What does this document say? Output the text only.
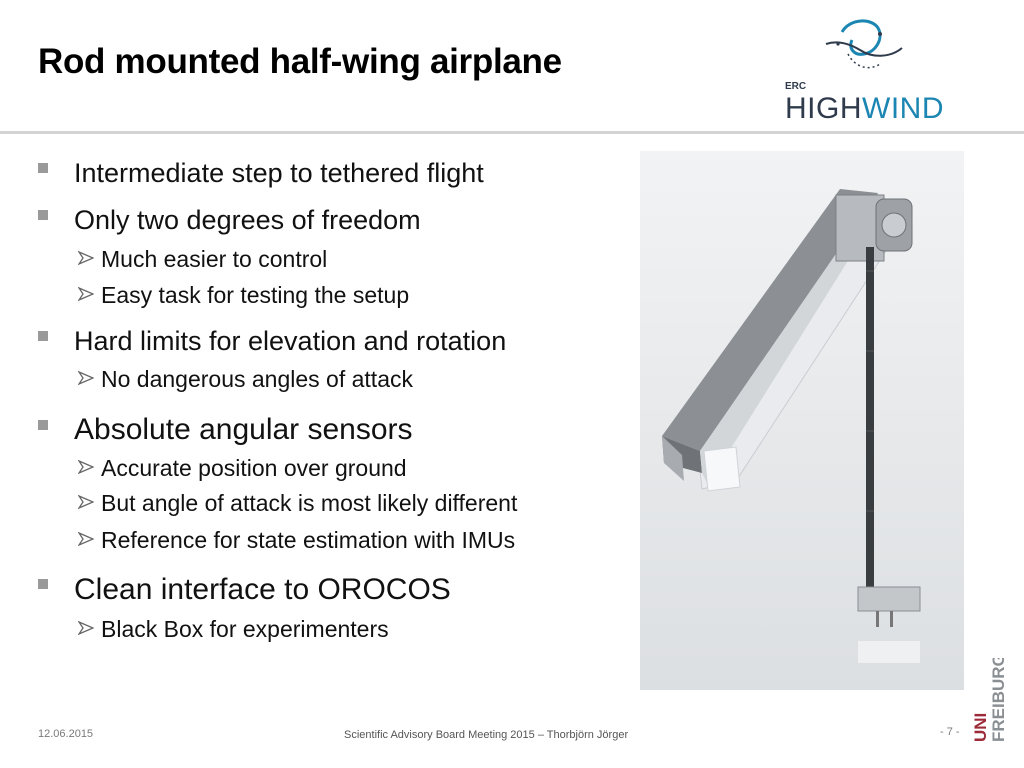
Rod mounted half-wing airplane
ERC
HIGHWIND
Intermediate step to tethered flight
Only two degrees of freedom
Much easier to control
Easy task for testing the setup
Hard limits for elevation and rotation
No dangerous angles of attack
Absolute angular sensors
Accurate position over ground
But angle of attack is most likely different
Reference for state estimation with IMUs
Clean interface to OROCOS
Black Box for experimenters
12.06.2015	Scientific Advisory Board Meeting 2015 – Thorbjörn Jörger	- 7 - UNI FREIBURG
